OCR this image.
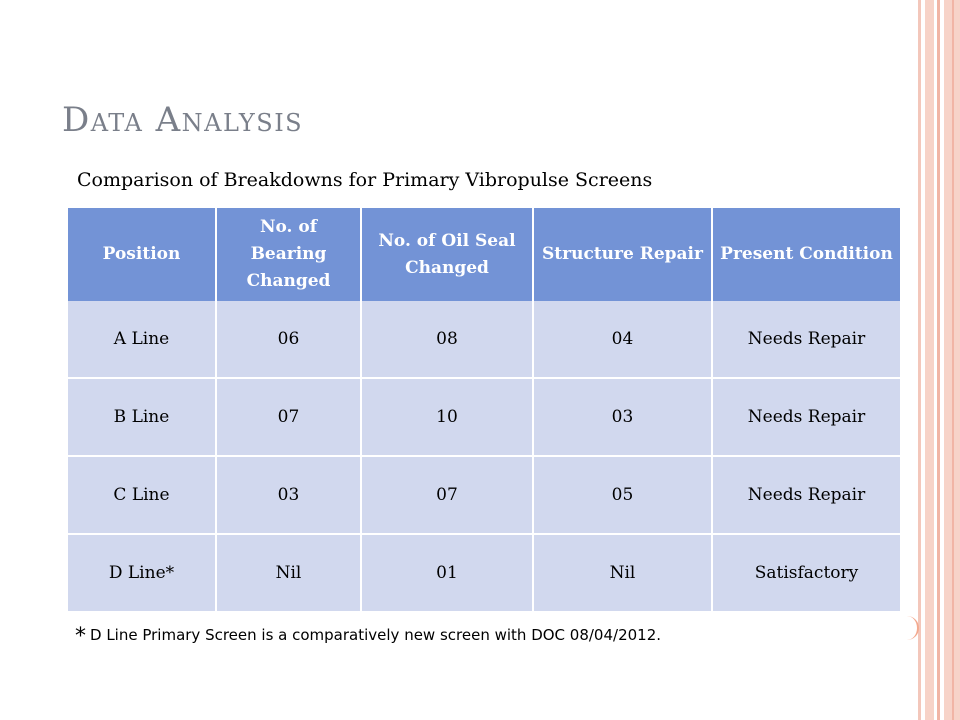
Data Analysis
Comparison of Breakdowns for Primary Vibropulse Screens
Position	No. of Bearing Changed	No. of Oil Seal Changed	Structure Repair	Present Condition
A Line	06	08	04	Needs Repair
B Line	07	10	03	Needs Repair
C Line	03	07	05	Needs Repair
D Line*	Nil	01	Nil	Satisfactory
* D Line Primary Screen is a comparatively new screen with DOC 08/04/2012.
